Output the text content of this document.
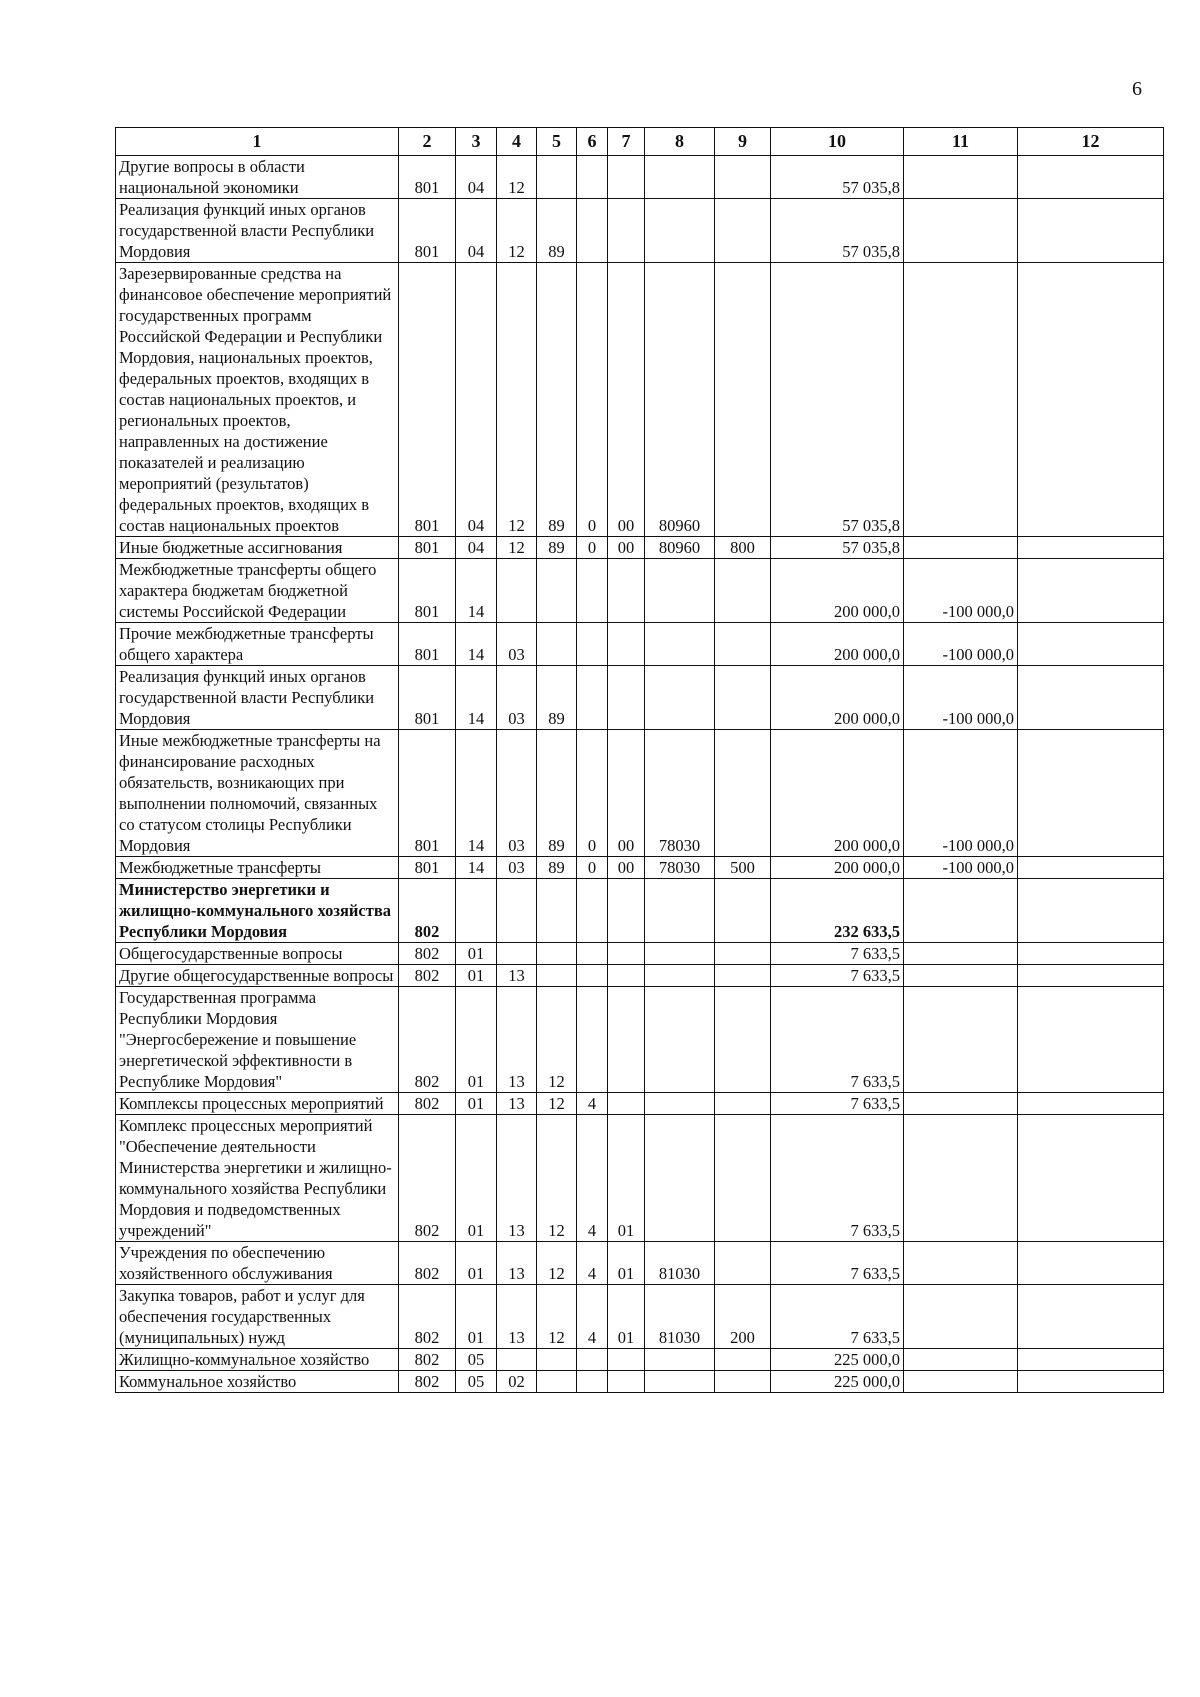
6
1	2	3	4	5	6	7	8	9	10	11	12
Другие вопросы в области национальной экономики	801	04	12						57 035,8		
Реализация функций иных органов государственной власти Республики Мордовия	801	04	12	89					57 035,8		
Зарезервированные средства на финансовое обеспечение мероприятий государственных программ Российской Федерации и Республики Мордовия, национальных проектов, федеральных проектов, входящих в состав национальных проектов, и региональных проектов, направленных на достижение показателей и реализацию мероприятий (результатов) федеральных проектов, входящих в состав национальных проектов	801	04	12	89	0	00	80960		57 035,8		
Иные бюджетные ассигнования	801	04	12	89	0	00	80960	800	57 035,8		
Межбюджетные трансферты общего характера бюджетам бюджетной системы Российской Федерации	801	14							200 000,0	-100 000,0	
Прочие межбюджетные трансферты общего характера	801	14	03						200 000,0	-100 000,0	
Реализация функций иных органов государственной власти Республики Мордовия	801	14	03	89					200 000,0	-100 000,0	
Иные межбюджетные трансферты на финансирование расходных обязательств, возникающих при выполнении полномочий, связанных со статусом столицы Республики Мордовия	801	14	03	89	0	00	78030		200 000,0	-100 000,0	
Межбюджетные трансферты	801	14	03	89	0	00	78030	500	200 000,0	-100 000,0	
Министерство энергетики и жилищно-коммунального хозяйства Республики Мордовия	802								232 633,5		
Общегосударственные вопросы	802	01							7 633,5		
Другие общегосударственные вопросы	802	01	13						7 633,5		
Государственная программа Республики Мордовия "Энергосбережение и повышение энергетической эффективности в Республике Мордовия"	802	01	13	12					7 633,5		
Комплексы процессных мероприятий	802	01	13	12	4				7 633,5		
Комплекс процессных мероприятий "Обеспечение деятельности Министерства энергетики и жилищно-коммунального хозяйства Республики Мордовия и подведомственных учреждений"	802	01	13	12	4	01			7 633,5		
Учреждения по обеспечению хозяйственного обслуживания	802	01	13	12	4	01	81030		7 633,5		
Закупка товаров, работ и услуг для обеспечения государственных (муниципальных) нужд	802	01	13	12	4	01	81030	200	7 633,5		
Жилищно-коммунальное хозяйство	802	05							225 000,0		
Коммунальное хозяйство	802	05	02						225 000,0		
